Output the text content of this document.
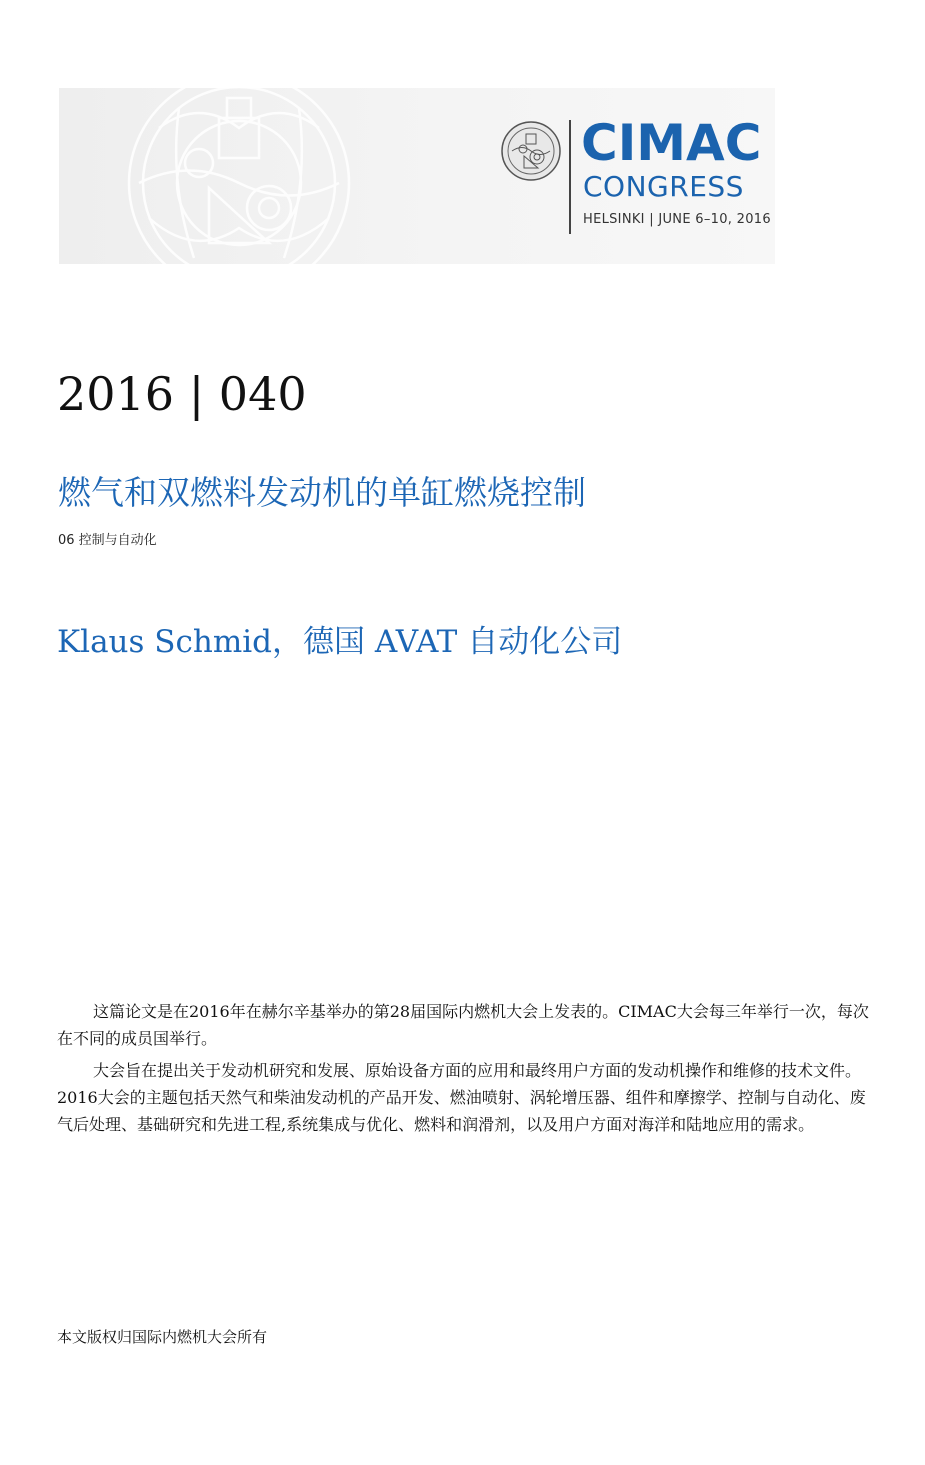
CIMAC
CONGRESS
HELSINKI | JUNE 6–10, 2016
2016 | 040
燃气和双燃料发动机的单缸燃烧控制
06 控制与自动化
Klaus Schmid，德国 AVAT 自动化公司

这篇论文是在2016年在赫尔辛基举办的第28届国际内燃机大会上发表的。CIMAC大会每三年举行一次，每次在不同的成员国举行。

大会旨在提出关于发动机研究和发展、原始设备方面的应用和最终用户方面的发动机操作和维修的技术文件。2016大会的主题包括天然气和柴油发动机的产品开发、燃油喷射、涡轮增压器、组件和摩擦学、控制与自动化、废气后处理、基础研究和先进工程,系统集成与优化、燃料和润滑剂，以及用户方面对海洋和陆地应用的需求。

本文版权归国际内燃机大会所有
